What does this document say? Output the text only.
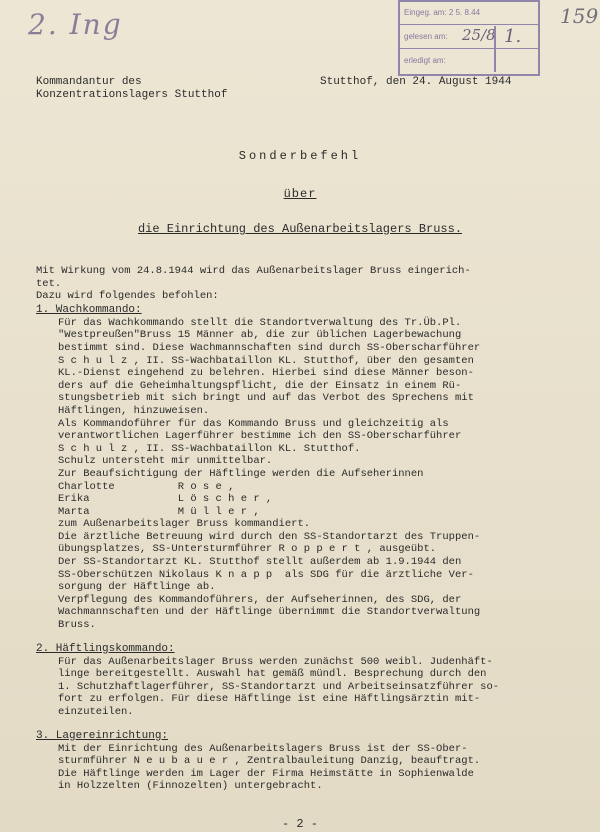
2. Ing	159
Eingeg. am: 2 5. 8.44
gelesen am: 25/8
erledigt am:
1.
Kommandantur des
Konzentrationslagers Stutthof
Stutthof, den 24. August 1944
Sonderbefehl
über
die Einrichtung des Außenarbeitslagers Bruss.
Mit Wirkung vom 24.8.1944 wird das Außenarbeitslager Bruss eingerich-
tet.
Dazu wird folgendes befohlen:
1. Wachkommando:
Für das Wachkommando stellt die Standortverwaltung des Tr.Üb.Pl.
"Westpreußen"Bruss 15 Männer ab, die zur üblichen Lagerbewachung
bestimmt sind. Diese Wachmannschaften sind durch SS-Oberscharführer
S c h u l z , II. SS-Wachbataillon KL. Stutthof, über den gesamten
KL.-Dienst eingehend zu belehren. Hierbei sind diese Männer beson-
ders auf die Geheimhaltungspflicht, die der Einsatz in einem Rü-
stungsbetrieb mit sich bringt und auf das Verbot des Sprechens mit
Häftlingen, hinzuweisen.
Als Kommandoführer für das Kommando Bruss und gleichzeitig als
verantwortlichen Lagerführer bestimme ich den SS-Oberscharführer
S c h u l z , II. SS-Wachbataillon KL. Stutthof.
Schulz untersteht mir unmittelbar.
Zur Beaufsichtigung der Häftlinge werden die Aufseherinnen
Charlotte          R o s e ,
Erika              L ö s c h e r ,
Marta              M ü l l e r ,
zum Außenarbeitslager Bruss kommandiert.
Die ärztliche Betreuung wird durch den SS-Standortarzt des Truppen-
übungsplatzes, SS-Untersturmführer R o p p e r t , ausgeübt.
Der SS-Standortarzt KL. Stutthof stellt außerdem ab 1.9.1944 den
SS-Oberschützen Nikolaus K n a p p  als SDG für die ärztliche Ver-
sorgung der Häftlinge ab.
Verpflegung des Kommandoführers, der Aufseherinnen, des SDG, der
Wachmannschaften und der Häftlinge übernimmt die Standortverwaltung
Bruss.
2. Häftlingskommando:
Für das Außenarbeitslager Bruss werden zunächst 500 weibl. Judenhäft-
linge bereitgestellt. Auswahl hat gemäß mündl. Besprechung durch den
1. Schutzhaftlagerführer, SS-Standortarzt und Arbeitseinsatzführer so-
fort zu erfolgen. Für diese Häftlinge ist eine Häftlingsärztin mit-
einzuteilen.
3. Lagereinrichtung:
Mit der Einrichtung des Außenarbeitslagers Bruss ist der SS-Ober-
sturmführer N e u b a u e r , Zentralbauleitung Danzig, beauftragt.
Die Häftlinge werden im Lager der Firma Heimstätte in Sophienwalde
in Holzzelten (Finnozelten) untergebracht.
- 2 -
